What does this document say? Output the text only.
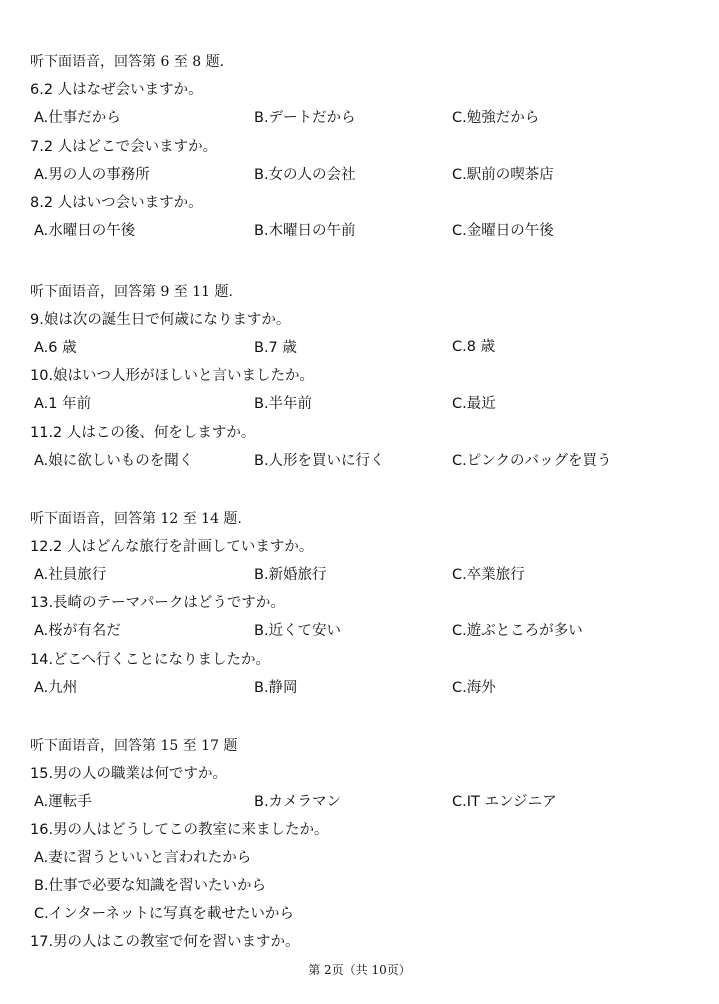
听下面语音，回答第 6 至 8 题.
6.2 人はなぜ会いますか。
A.仕事だから	B.デートだから	C.勉強だから
7.2 人はどこで会いますか。
A.男の人の事務所	B.女の人の会社	C.駅前の喫茶店
8.2 人はいつ会いますか。
A.水曜日の午後	B.木曜日の午前	C.金曜日の午後
听下面语音，回答第 9 至 11 题.
9.娘は次の誕生日で何歳になりますか。
A.6 歳	B.7 歳	C.8 歳
10.娘はいつ人形がほしいと言いましたか。
A.1 年前	B.半年前	C.最近
11.2 人はこの後、何をしますか。
A.娘に欲しいものを聞く	B.人形を買いに行く	C.ピンクのバッグを買う
听下面语音，回答第 12 至 14 题.
12.2 人はどんな旅行を計画していますか。
A.社員旅行	B.新婚旅行	C.卒業旅行
13.長崎のテーマパークはどうですか。
A.桜が有名だ	B.近くて安い	C.遊ぶところが多い
14.どこへ行くことになりましたか。
A.九州	B.静岡	C.海外
听下面语音，回答第 15 至 17 题
15.男の人の職業は何ですか。
A.運転手	B.カメラマン	C.IT エンジニア
16.男の人はどうしてこの教室に来ましたか。
A.妻に習うといいと言われたから
B.仕事で必要な知識を習いたいから
C.インターネットに写真を載せたいから
17.男の人はこの教室で何を習いますか。
第 2页（共 10页）
